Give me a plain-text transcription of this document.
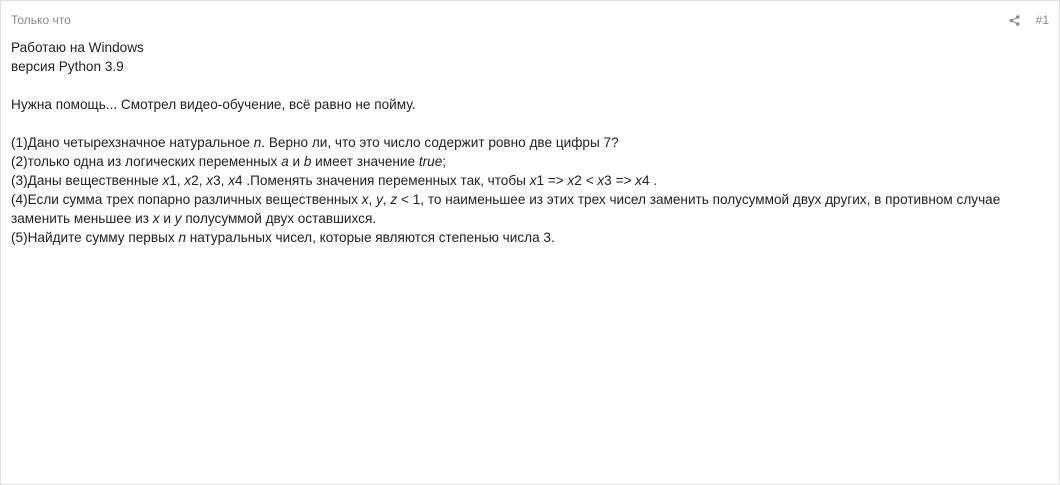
Только что	#1
Работаю на Windows
версия Python 3.9
Нужна помощь... Смотрел видео-обучение, всё равно не пойму.
(1)Дано четырехзначное натуральное n. Верно ли, что это число содержит ровно две цифры 7?
(2)только одна из логических переменных a и b имеет значение true;
(3)Даны вещественные x1, x2, x3, x4 .Поменять значения переменных так, чтобы x1 => x2 < x3 => x4 .
(4)Если сумма трех попарно различных вещественных x, y, z < 1, то наименьшее из этих трех чисел заменить полусуммой двух других, в противном случае
заменить меньшее из x и y полусуммой двух оставшихся.
(5)Найдите сумму первых n натуральных чисел, которые являются степенью числа 3.
